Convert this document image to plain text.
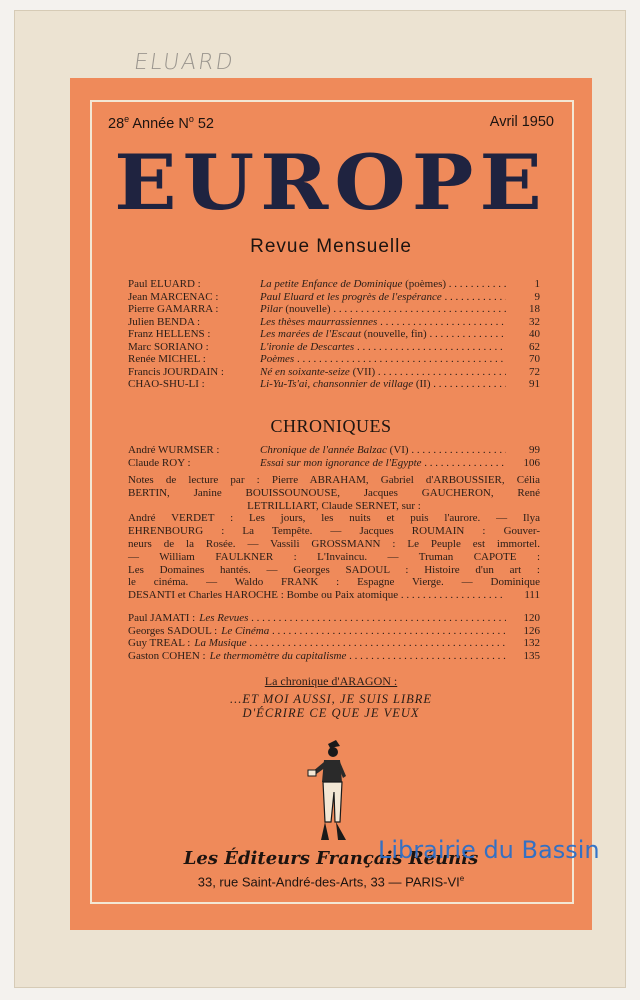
ELUARD
28e Année $N^o$ 52	Avril 1950
EUROPE
Revue Mensuelle
Paul ELUARD :	La petite Enfance de Dominique (poèmes) . . .	1
Jean MARCENAC :	Paul Eluard et les progrès de l'espérance . . .	9
Pierre GAMARRA :	Pilar (nouvelle) . . .	18
Julien BENDA :	Les thèses maurrassiennes . . .	32
Franz HELLENS :	Les marées de l'Escaut (nouvelle, fin) . . .	40
Marc SORIANO :	L'ironie de Descartes . . .	62
Renée MICHEL :	Poèmes . . .	70
Francis JOURDAIN :	Né en soixante-seize (VII) . . .	72
CHAO-SHU-LI :	Li-Yu-Ts'ai, chansonnier de village (II) . . .	91
CHRONIQUES
André WURMSER :	Chronique de l'année Balzac (VI) . . .	99
Claude ROY :	Essai sur mon ignorance de l'Egypte . . .	106
Notes de lecture par : Pierre ABRAHAM, Gabriel d'ARBOUSSIER, Célia
BERTIN, Janine BOUISSOUNOUSE, Jacques GAUCHERON, René
LETRILLIART, Claude SERNET, sur :
André VERDET : Les jours, les nuits et puis l'aurore. — Ilya
EHRENBOURG : La Tempête. — Jacques ROUMAIN : Gouver-
neurs de la Rosée. — Vassili GROSSMANN : Le Peuple est immortel.
— William FAULKNER : L'Invaincu. — Truman CAPOTE :
Les Domaines hantés. — Georges SADOUL : Histoire d'un art :
le cinéma. — Waldo FRANK : Espagne Vierge. — Dominique
DESANTI et Charles HAROCHE : Bombe ou Paix atomique . . .	111
Paul JAMATI : Les Revues . . .	120
Georges SADOUL : Le Cinéma . . .	126
Guy TREAL : La Musique . . .	132
Gaston COHEN : Le thermomètre du capitalisme . . .	135
La chronique d'ARAGON :
...ET MOI AUSSI, JE SUIS LIBRE
D'ÉCRIRE CE QUE JE VEUX
Les Éditeurs Français Réunis
33, rue Saint-André-des-Arts, 33 — PARIS-VIe
Librairie du Bassin
